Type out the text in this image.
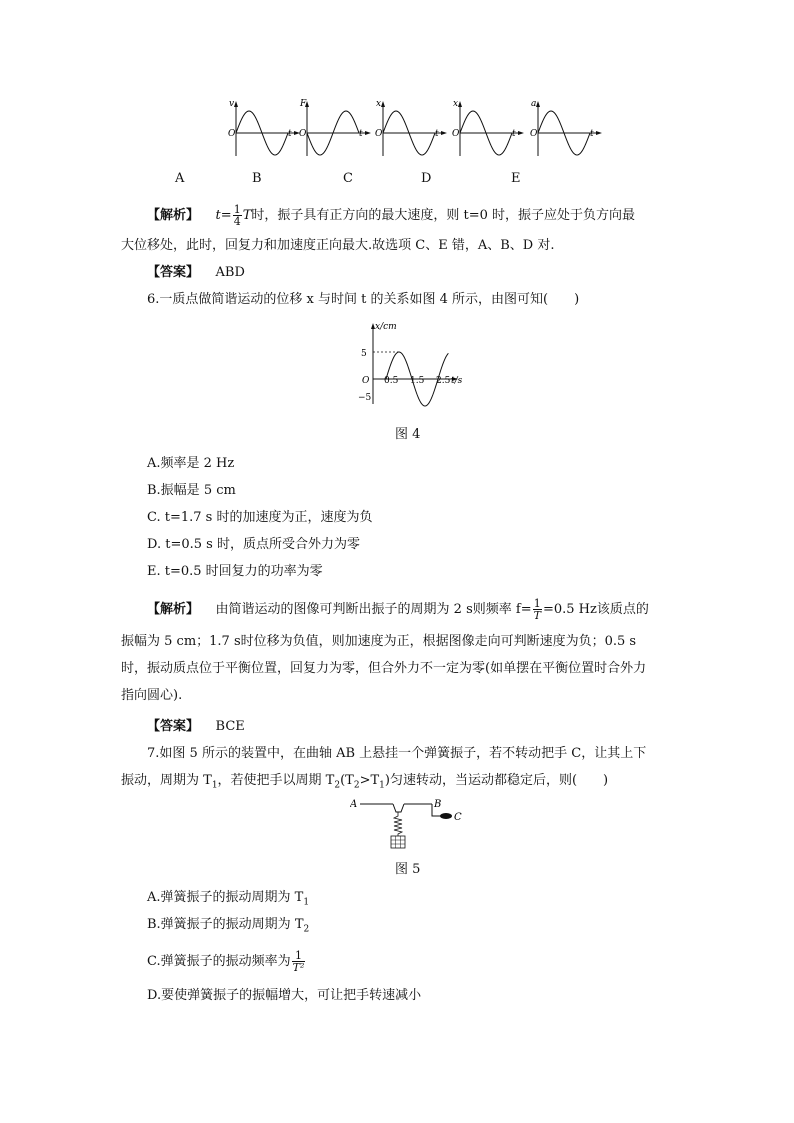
v
O	t
F
O	t
x
O	t
x
O	t
a
O	t
A	B	C	D	E
【解析】 $t= \frac{1}{4}$ T时，振子具有正方向的最大速度，则 t=0 时，振子应处于负方向最
大位移处，此时，回复力和加速度正向最大.故选项 C、E 错，A、B、D 对.
【答案】 ABD
6.一质点做简谐运动的位移 x 与时间 t 的关系如图 4 所示，由图可知(　　)
x/cm
t/s
O
5
−5
0.5 1.5 2.5
图 4
A.频率是 2 Hz
B.振幅是 5 cm
C. t=1.7 s 时的加速度为正，速度为负
D. t=0.5 s 时，质点所受合外力为零
E. t=0.5 时回复力的功率为零
【解析】 由简谐运动的图像可判断出振子的周期为 2 s则频率 $f= \frac{1}{T} =0.5$ Hz该质点的
振幅为 5 cm；1.7 s时位移为负值，则加速度为正，根据图像走向可判断速度为负；0.5 s
时，振动质点位于平衡位置，回复力为零，但合外力不一定为零(如单摆在平衡位置时合外力
指向圆心).
【答案】 BCE
7.如图 5 所示的装置中，在曲轴 AB 上悬挂一个弹簧振子，若不转动把手 C，让其上下
振动，周期为 $T_1$，若使把手以周期 $T_2(T_2>T_1)$匀速转动，当运动都稳定后，则(　　)
A	B
C
图 5
A.弹簧振子的振动周期为 $T_1$
B.弹簧振子的振动周期为 $T_2$
C.弹簧振子的振动频率为 $\frac{1}{\text{T²}}$
D.要使弹簧振子的振幅增大，可让把手转速减小
